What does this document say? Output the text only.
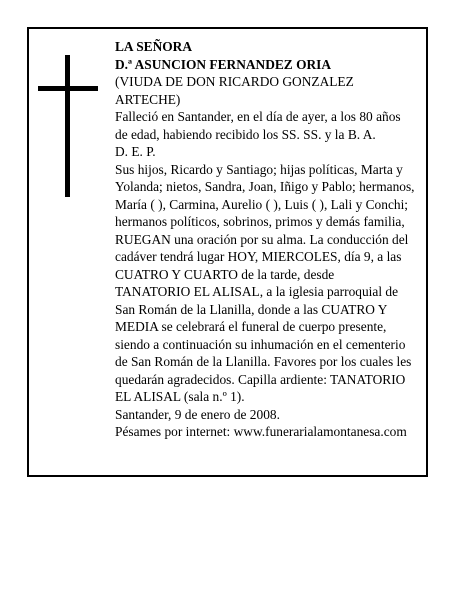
LA SEÑORA
D.ª ASUNCION FERNANDEZ ORIA
(VIUDA DE DON RICARDO GONZALEZ
ARTECHE)
Falleció en Santander, en el día de ayer, a los 80 años
de edad, habiendo recibido los SS. SS. y la B. A.
D. E. P.
Sus hijos, Ricardo y Santiago; hijas políticas, Marta y
Yolanda; nietos, Sandra, Joan, Iñigo y Pablo; hermanos,
María ( ), Carmina, Aurelio ( ), Luis ( ), Lali y Conchi;
hermanos políticos, sobrinos, primos y demás familia,
RUEGAN una oración por su alma. La conducción del
cadáver tendrá lugar HOY, MIERCOLES, día 9, a las
CUATRO Y CUARTO de la tarde, desde
TANATORIO EL ALISAL, a la iglesia parroquial de
San Román de la Llanilla, donde a las CUATRO Y
MEDIA se celebrará el funeral de cuerpo presente,
siendo a continuación su inhumación en el cementerio
de San Román de la Llanilla. Favores por los cuales les
quedarán agradecidos. Capilla ardiente: TANATORIO
EL ALISAL (sala n.º 1).
Santander, 9 de enero de 2008.
Pésames por internet: www.funerarialamontanesa.com
